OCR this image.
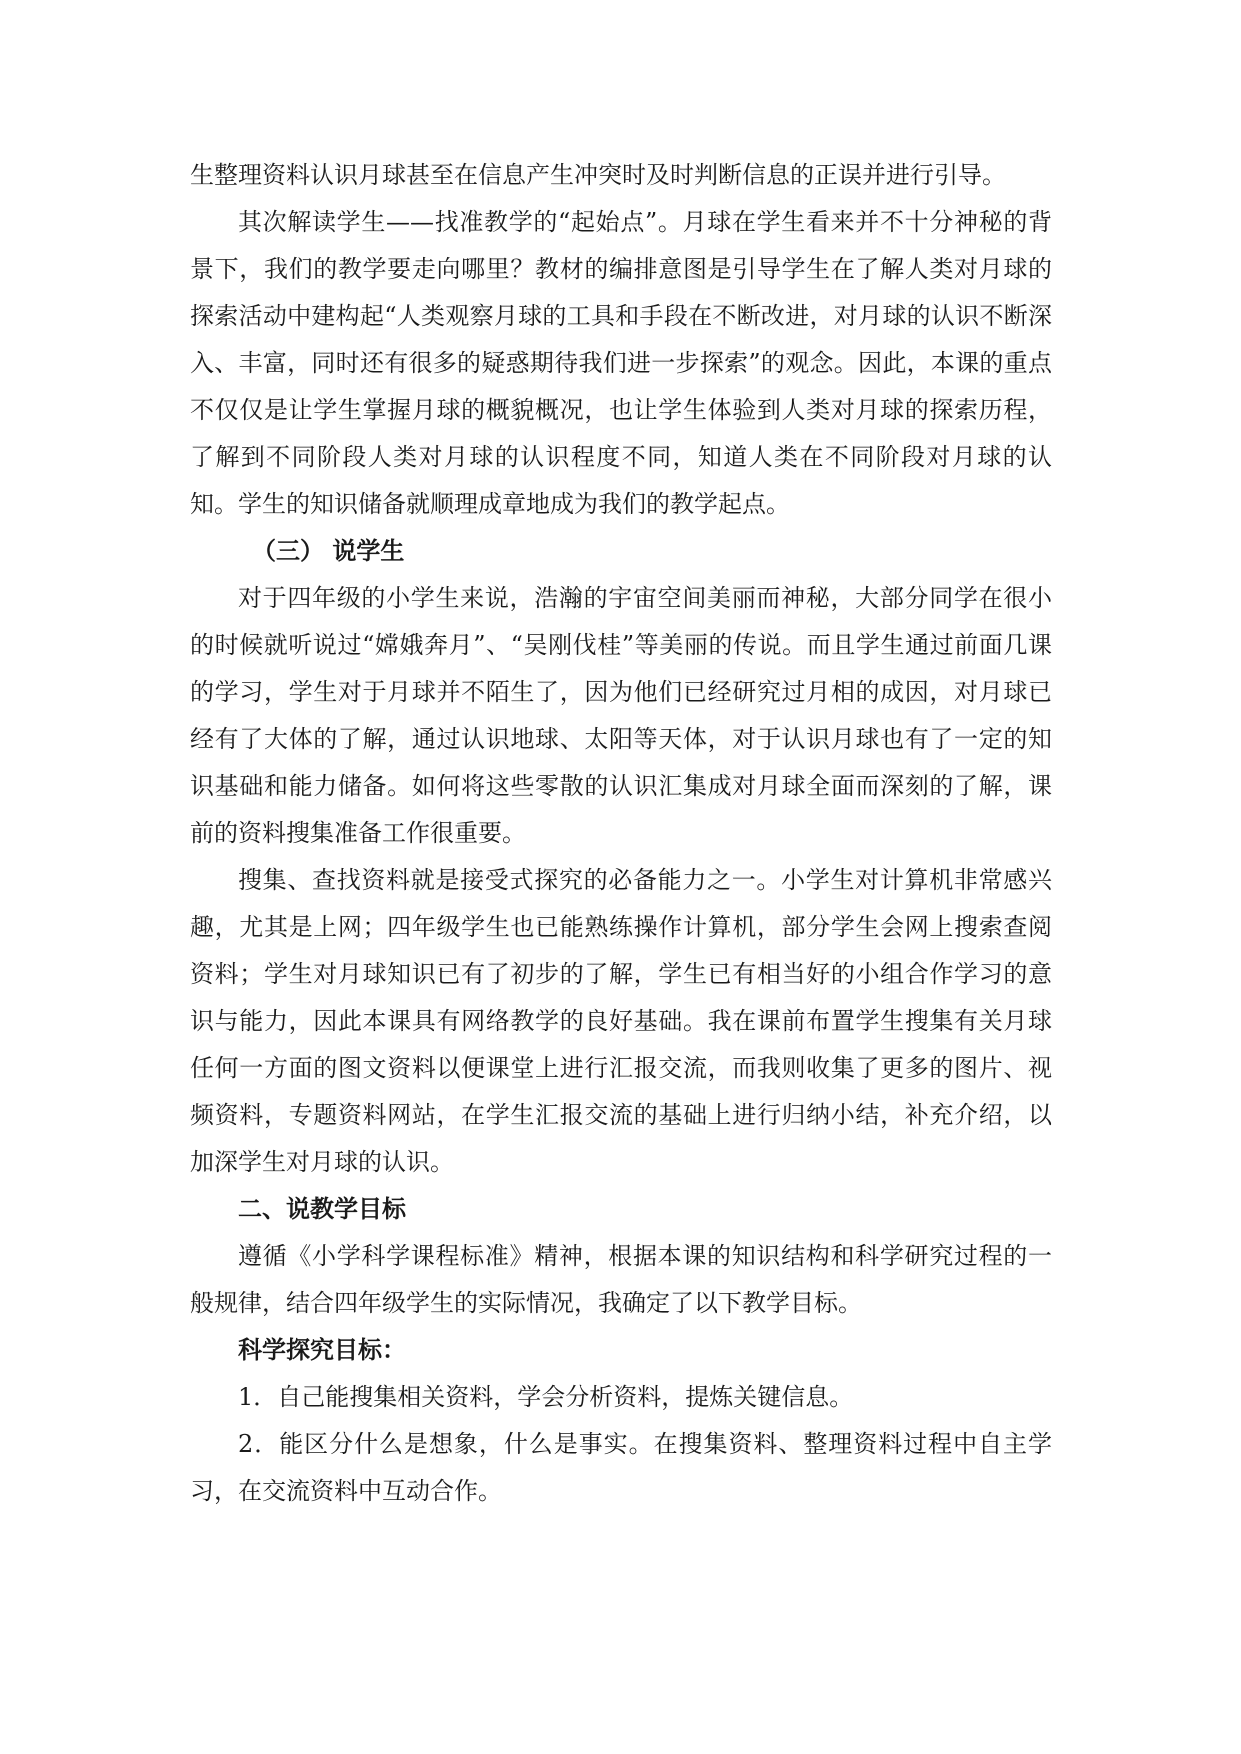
生整理资料认识月球甚至在信息产生冲突时及时判断信息的正误并进行引导。

其次解读学生——找准教学的“起始点”。月球在学生看来并不十分神秘的背景下，我们的教学要走向哪里？教材的编排意图是引导学生在了解人类对月球的探索活动中建构起“人类观察月球的工具和手段在不断改进，对月球的认识不断深入、丰富，同时还有很多的疑惑期待我们进一步探索”的观念。因此，本课的重点不仅仅是让学生掌握月球的概貌概况，也让学生体验到人类对月球的探索历程，了解到不同阶段人类对月球的认识程度不同，知道人类在不同阶段对月球的认知。学生的知识储备就顺理成章地成为我们的教学起点。

（三） 说学生

对于四年级的小学生来说，浩瀚的宇宙空间美丽而神秘，大部分同学在很小的时候就听说过“嫦娥奔月”、“吴刚伐桂”等美丽的传说。而且学生通过前面几课的学习，学生对于月球并不陌生了，因为他们已经研究过月相的成因，对月球已经有了大体的了解，通过认识地球、太阳等天体，对于认识月球也有了一定的知识基础和能力储备。如何将这些零散的认识汇集成对月球全面而深刻的了解，课前的资料搜集准备工作很重要。

搜集、查找资料就是接受式探究的必备能力之一。小学生对计算机非常感兴趣，尤其是上网；四年级学生也已能熟练操作计算机，部分学生会网上搜索查阅资料；学生对月球知识已有了初步的了解，学生已有相当好的小组合作学习的意识与能力，因此本课具有网络教学的良好基础。我在课前布置学生搜集有关月球任何一方面的图文资料以便课堂上进行汇报交流，而我则收集了更多的图片、视频资料，专题资料网站，在学生汇报交流的基础上进行归纳小结，补充介绍，以加深学生对月球的认识。

二、说教学目标

遵循《小学科学课程标准》精神，根据本课的知识结构和科学研究过程的一般规律，结合四年级学生的实际情况，我确定了以下教学目标。

科学探究目标：

1．自己能搜集相关资料，学会分析资料，提炼关键信息。

2．能区分什么是想象，什么是事实。在搜集资料、整理资料过程中自主学习，在交流资料中互动合作。
